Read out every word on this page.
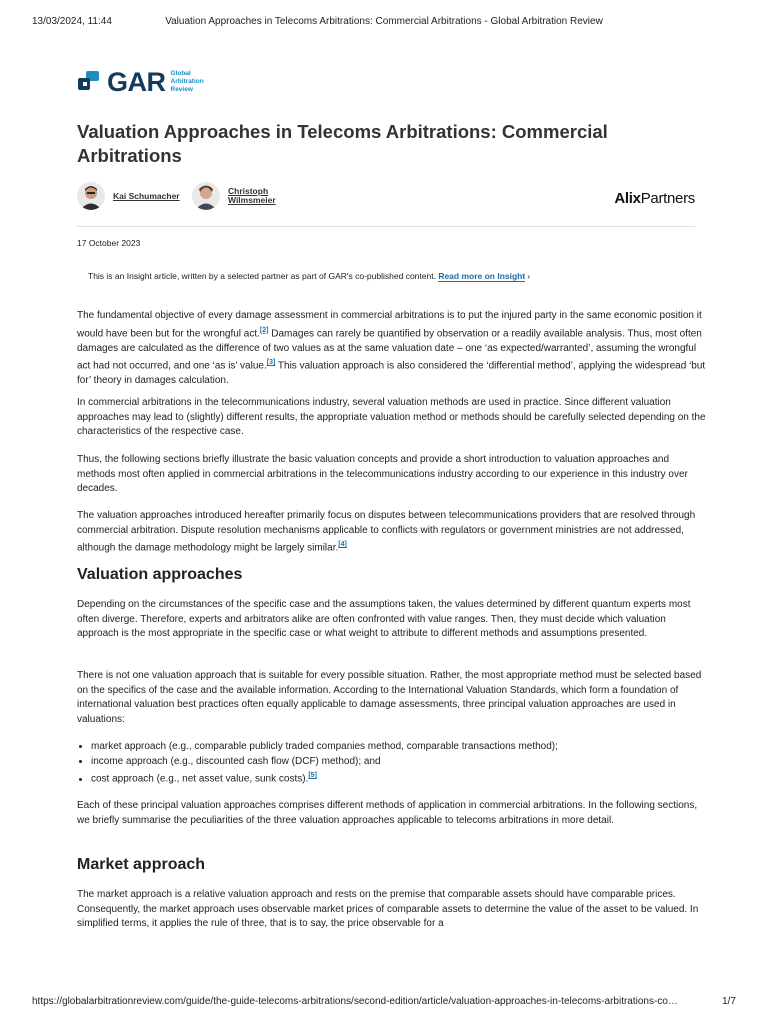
13/03/2024, 11:44	Valuation Approaches in Telecoms Arbitrations: Commercial Arbitrations - Global Arbitration Review
GAR Global
Arbitration
Review
Valuation Approaches in Telecoms Arbitrations: Commercial Arbitrations
Kai Schumacher	Christoph
Wilmsmeier	AlixPartners
17 October 2023
This is an Insight article, written by a selected partner as part of GAR's co-published content. Read more on Insight ›

The fundamental objective of every damage assessment in commercial arbitrations is to put the injured party in the same economic position it would have been but for the wrongful act.[2] Damages can rarely be quantified by observation or a readily available analysis. Thus, most often damages are calculated as the difference of two values as at the same valuation date – one ‘as expected/warranted’, assuming the wrongful act had not occurred, and one ‘as is’ value.[3] This valuation approach is also considered the ‘differential method’, applying the widespread ‘but for’ theory in damages calculation.

In commercial arbitrations in the telecommunications industry, several valuation methods are used in practice. Since different valuation approaches may lead to (slightly) different results, the appropriate valuation method or methods should be carefully selected depending on the characteristics of the respective case.

Thus, the following sections briefly illustrate the basic valuation concepts and provide a short introduction to valuation approaches and methods most often applied in commercial arbitrations in the telecommunications industry according to our experience in this industry over decades.

The valuation approaches introduced hereafter primarily focus on disputes between telecommunications providers that are resolved through commercial arbitration. Dispute resolution mechanisms applicable to conflicts with regulators or government ministries are not addressed, although the damage methodology might be largely similar.[4]

Valuation approaches

Depending on the circumstances of the specific case and the assumptions taken, the values determined by different quantum experts most often diverge. Therefore, experts and arbitrators alike are often confronted with value ranges. Then, they must decide which valuation approach is the most appropriate in the specific case or what weight to attribute to different methods and assumptions presented.

There is not one valuation approach that is suitable for every possible situation. Rather, the most appropriate method must be selected based on the specifics of the case and the available information. According to the International Valuation Standards, which form a foundation of international valuation best practices often equally applicable to damage assessments, three principal valuation approaches are used in valuations:

• market approach (e.g., comparable publicly traded companies method, comparable transactions method);
• income approach (e.g., discounted cash flow (DCF) method); and
• cost approach (e.g., net asset value, sunk costs).[5]

Each of these principal valuation approaches comprises different methods of application in commercial arbitrations. In the following sections, we briefly summarise the peculiarities of the three valuation approaches applicable to telecoms arbitrations in more detail.

Market approach

The market approach is a relative valuation approach and rests on the premise that comparable assets should have comparable prices. Consequently, the market approach uses observable market prices of comparable assets to determine the value of the asset to be valued. In simplified terms, it applies the rule of three, that is to say, the price observable for a

https://globalarbitrationreview.com/guide/the-guide-telecoms-arbitrations/second-edition/article/valuation-approaches-in-telecoms-arbitrations-co…	1/7
